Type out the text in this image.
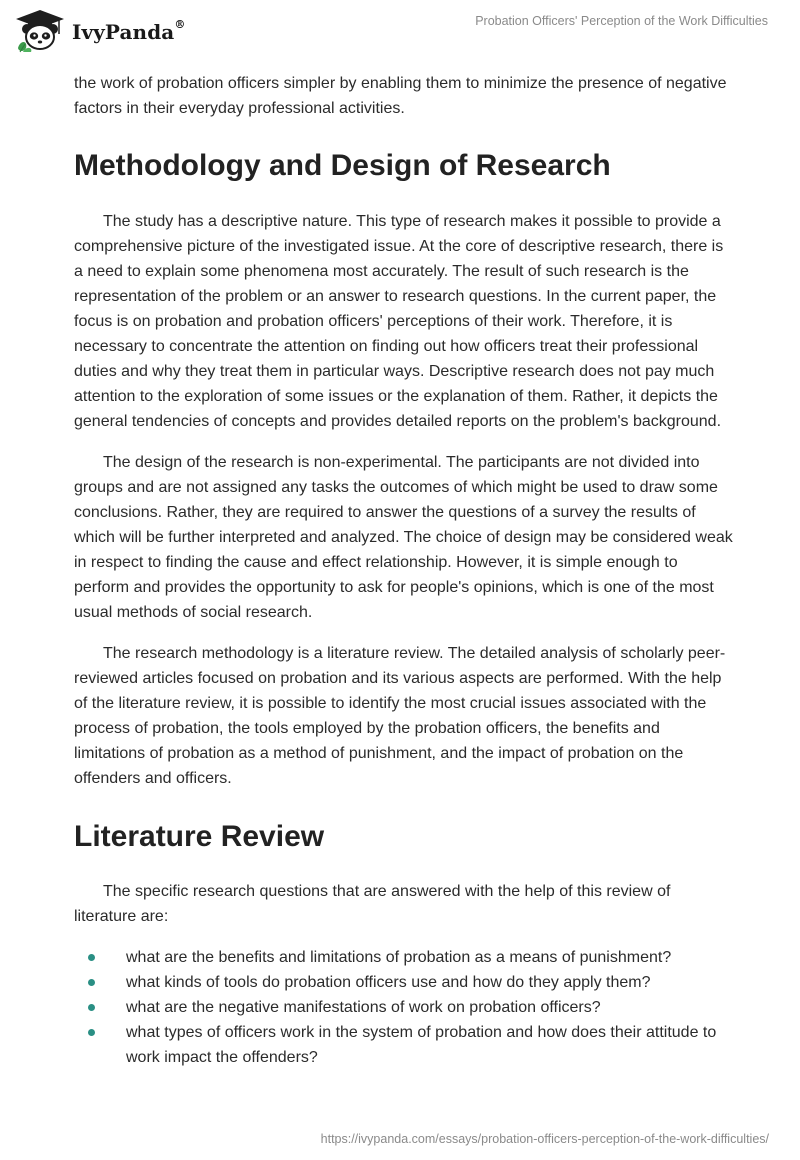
IvyPanda®	Probation Officers' Perception of the Work Difficulties

the work of probation officers simpler by enabling them to minimize the presence of negative factors in their everyday professional activities.

Methodology and Design of Research

The study has a descriptive nature. This type of research makes it possible to provide a comprehensive picture of the investigated issue. At the core of descriptive research, there is a need to explain some phenomena most accurately. The result of such research is the representation of the problem or an answer to research questions. In the current paper, the focus is on probation and probation officers' perceptions of their work. Therefore, it is necessary to concentrate the attention on finding out how officers treat their professional duties and why they treat them in particular ways. Descriptive research does not pay much attention to the exploration of some issues or the explanation of them. Rather, it depicts the general tendencies of concepts and provides detailed reports on the problem's background.

The design of the research is non-experimental. The participants are not divided into groups and are not assigned any tasks the outcomes of which might be used to draw some conclusions. Rather, they are required to answer the questions of a survey the results of which will be further interpreted and analyzed. The choice of design may be considered weak in respect to finding the cause and effect relationship. However, it is simple enough to perform and provides the opportunity to ask for people's opinions, which is one of the most usual methods of social research.

The research methodology is a literature review. The detailed analysis of scholarly peer-reviewed articles focused on probation and its various aspects are performed. With the help of the literature review, it is possible to identify the most crucial issues associated with the process of probation, the tools employed by the probation officers, the benefits and limitations of probation as a method of punishment, and the impact of probation on the offenders and officers.

Literature Review

The specific research questions that are answered with the help of this review of literature are:

what are the benefits and limitations of probation as a means of punishment?
what kinds of tools do probation officers use and how do they apply them?
what are the negative manifestations of work on probation officers?
what types of officers work in the system of probation and how does their attitude to work impact the offenders?
https://ivypanda.com/essays/probation-officers-perception-of-the-work-difficulties/
